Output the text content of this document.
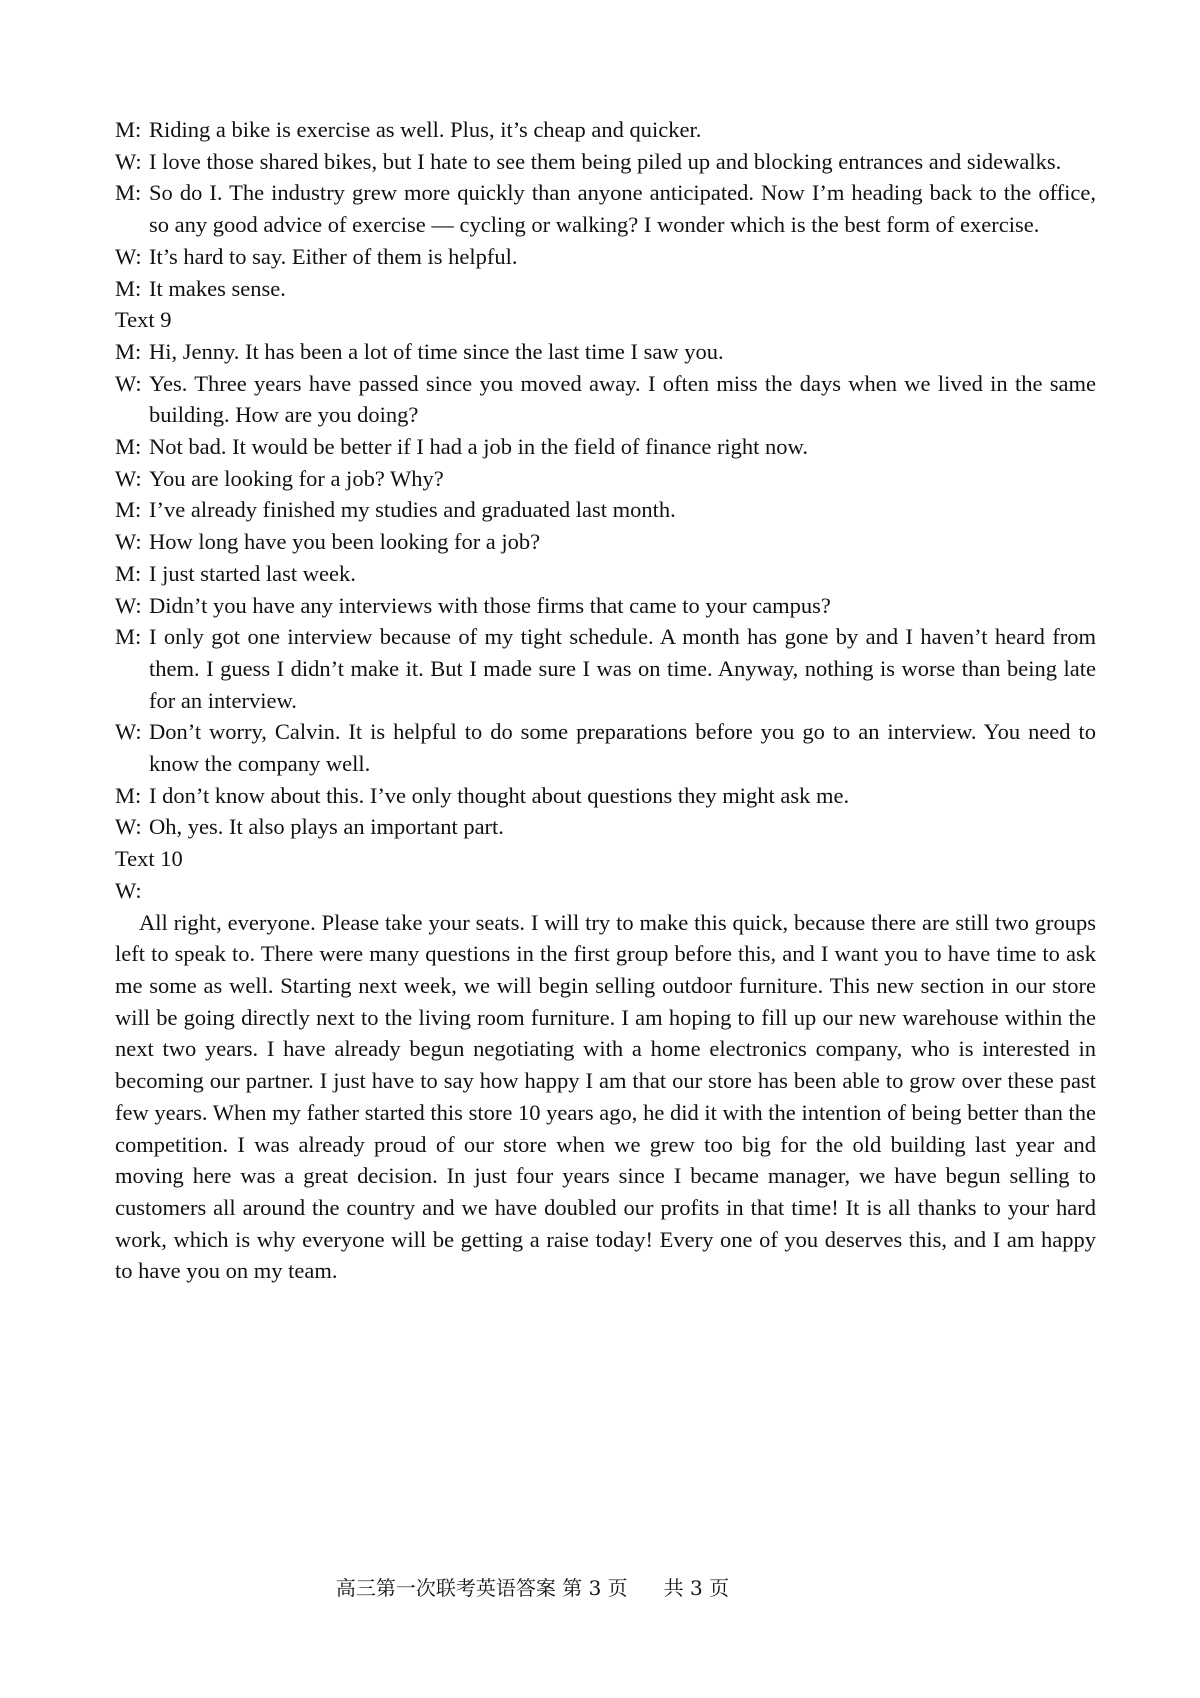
M: Riding a bike is exercise as well. Plus, it’s cheap and quicker.
W: I love those shared bikes, but I hate to see them being piled up and blocking entrances and sidewalks.
M: So do I. The industry grew more quickly than anyone anticipated. Now I’m heading back to the office, so any good advice of exercise — cycling or walking? I wonder which is the best form of exercise.
W: It’s hard to say. Either of them is helpful.
M: It makes sense.
Text 9
M: Hi, Jenny. It has been a lot of time since the last time I saw you.
W: Yes. Three years have passed since you moved away. I often miss the days when we lived in the same building. How are you doing?
M: Not bad. It would be better if I had a job in the field of finance right now.
W: You are looking for a job? Why?
M: I’ve already finished my studies and graduated last month.
W: How long have you been looking for a job?
M: I just started last week.
W: Didn’t you have any interviews with those firms that came to your campus?
M: I only got one interview because of my tight schedule. A month has gone by and I haven’t heard from them. I guess I didn’t make it. But I made sure I was on time. Anyway, nothing is worse than being late for an interview.
W: Don’t worry, Calvin. It is helpful to do some preparations before you go to an interview. You need to know the company well.
M: I don’t know about this. I’ve only thought about questions they might ask me.
W: Oh, yes. It also plays an important part.
Text 10
W:

All right, everyone. Please take your seats. I will try to make this quick, because there are still two groups left to speak to. There were many questions in the first group before this, and I want you to have time to ask me some as well. Starting next week, we will begin selling outdoor furniture. This new section in our store will be going directly next to the living room furniture. I am hoping to fill up our new warehouse within the next two years. I have already begun negotiating with a home electronics company, who is interested in becoming our partner. I just have to say how happy I am that our store has been able to grow over these past few years. When my father started this store 10 years ago, he did it with the intention of being better than the competition. I was already proud of our store when we grew too big for the old building last year and moving here was a great decision. In just four years since I became manager, we have begun selling to customers all around the country and we have doubled our profits in that time! It is all thanks to your hard work, which is why everyone will be getting a raise today! Every one of you deserves this, and I am happy to have you on my team.

高三第一次联考英语答案 第 3 页 共 3 页
